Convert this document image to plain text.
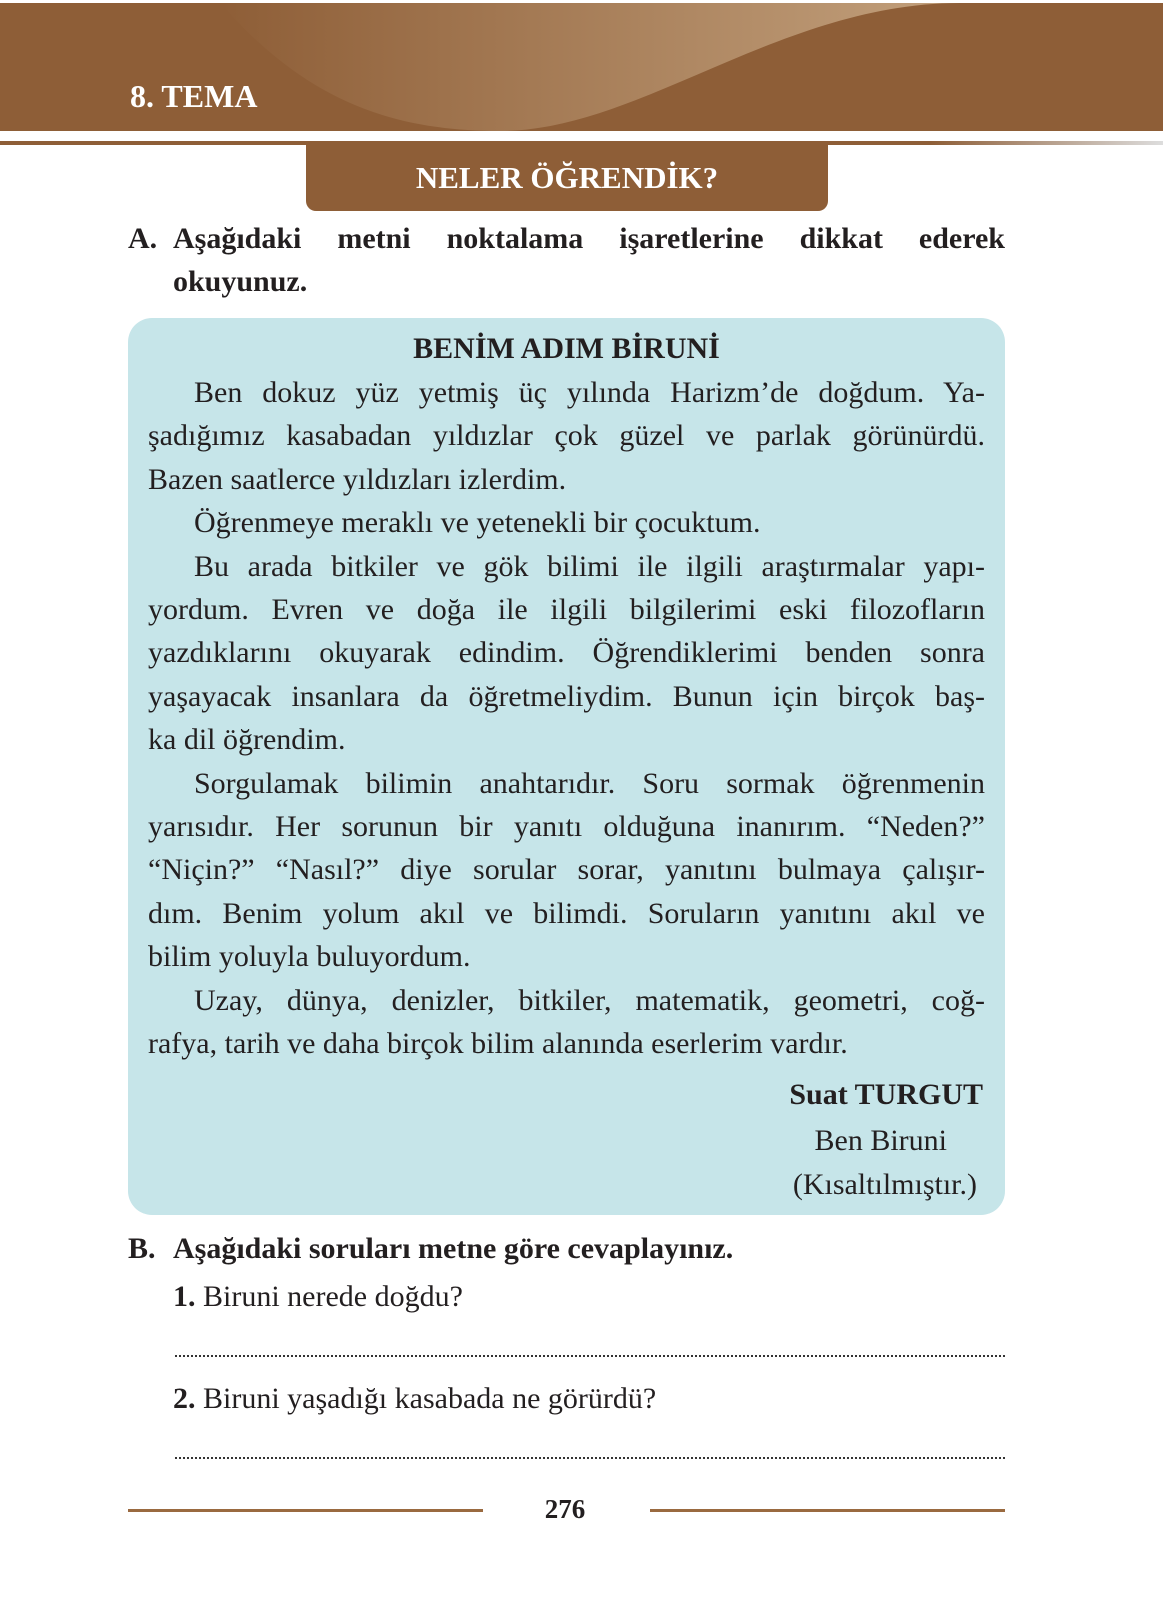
8. TEMA
NELER ÖĞRENDİK?
A. Aşağıdaki metni noktalama işaretlerine dikkat ederek
okuyunuz.
BENİM ADIM BİRUNİ
Ben dokuz yüz yetmiş üç yılında Harizm’de doğdum. Ya-
şadığımız kasabadan yıldızlar çok güzel ve parlak görünürdü.
Bazen saatlerce yıldızları izlerdim.
Öğrenmeye meraklı ve yetenekli bir çocuktum.
Bu arada bitkiler ve gök bilimi ile ilgili araştırmalar yapı-
yordum. Evren ve doğa ile ilgili bilgilerimi eski filozofların
yazdıklarını okuyarak edindim. Öğrendiklerimi benden sonra
yaşayacak insanlara da öğretmeliydim. Bunun için birçok baş-
ka dil öğrendim.
Sorgulamak bilimin anahtarıdır. Soru sormak öğrenmenin
yarısıdır. Her sorunun bir yanıtı olduğuna inanırım. “Neden?”
“Niçin?” “Nasıl?” diye sorular sorar, yanıtını bulmaya çalışır-
dım. Benim yolum akıl ve bilimdi. Soruların yanıtını akıl ve
bilim yoluyla buluyordum.
Uzay, dünya, denizler, bitkiler, matematik, geometri, coğ-
rafya, tarih ve daha birçok bilim alanında eserlerim vardır.
Suat TURGUT
Ben Biruni
(Kısaltılmıştır.)
B. Aşağıdaki soruları metne göre cevaplayınız.
1. Biruni nerede doğdu?
2. Biruni yaşadığı kasabada ne görürdü?
276
